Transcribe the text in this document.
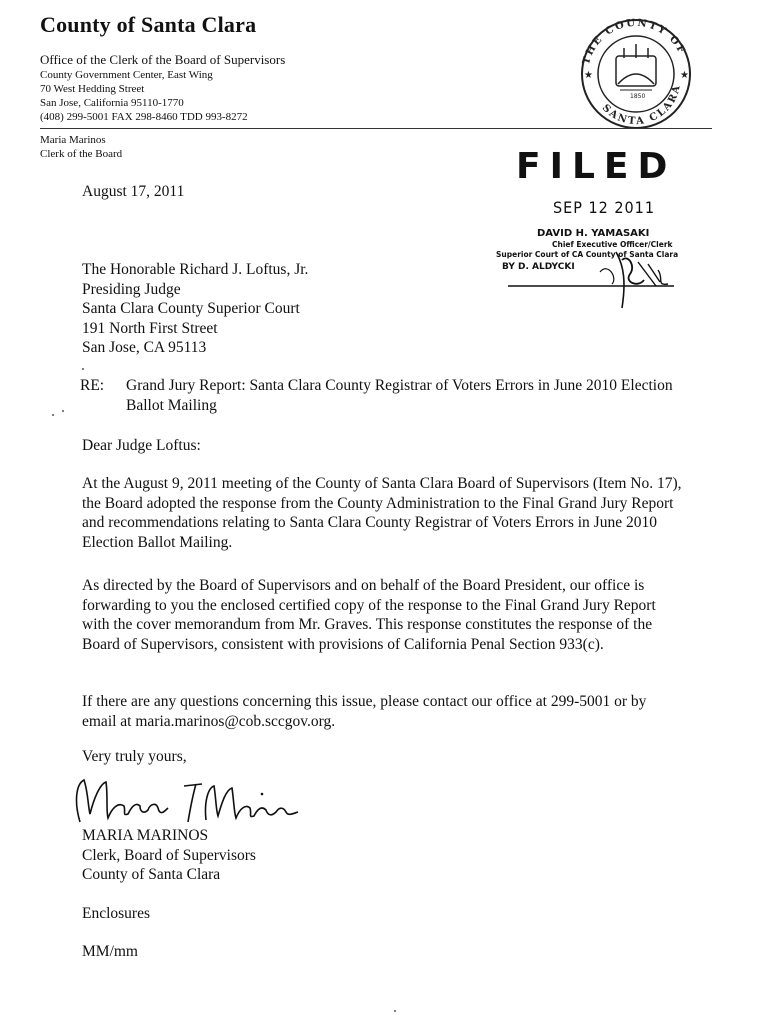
County of Santa Clara
Office of the Clerk of the Board of Supervisors
County Government Center, East Wing
70 West Hedding Street
San Jose, California 95110-1770
(408) 299-5001 FAX 298-8460 TDD 993-8272
Maria Marinos
Clerk of the Board
THE COUNTY OF
SANTA CLARA
★	★
1850
FILED
SEP 12 2011
DAVID H. YAMASAKI
Chief Executive Officer/Clerk
Superior Court of CA County of Santa Clara
BY D. ALDYCKI
August 17, 2011
The Honorable Richard J. Loftus, Jr.
Presiding Judge
Santa Clara County Superior Court
191 North First Street
San Jose, CA 95113
RE: Grand Jury Report: Santa Clara County Registrar of Voters Errors in June 2010 Election Ballot Mailing
Dear Judge Loftus:
At the August 9, 2011 meeting of the County of Santa Clara Board of Supervisors (Item No. 17), the Board adopted the response from the County Administration to the Final Grand Jury Report and recommendations relating to Santa Clara County Registrar of Voters Errors in June 2010 Election Ballot Mailing.
As directed by the Board of Supervisors and on behalf of the Board President, our office is forwarding to you the enclosed certified copy of the response to the Final Grand Jury Report with the cover memorandum from Mr. Graves. This response constitutes the response of the Board of Supervisors, consistent with provisions of California Penal Section 933(c).
If there are any questions concerning this issue, please contact our office at 299-5001 or by email at maria.marinos@cob.sccgov.org.
Very truly yours,
MARIA MARINOS
Clerk, Board of Supervisors
County of Santa Clara
Enclosures
MM/mm
